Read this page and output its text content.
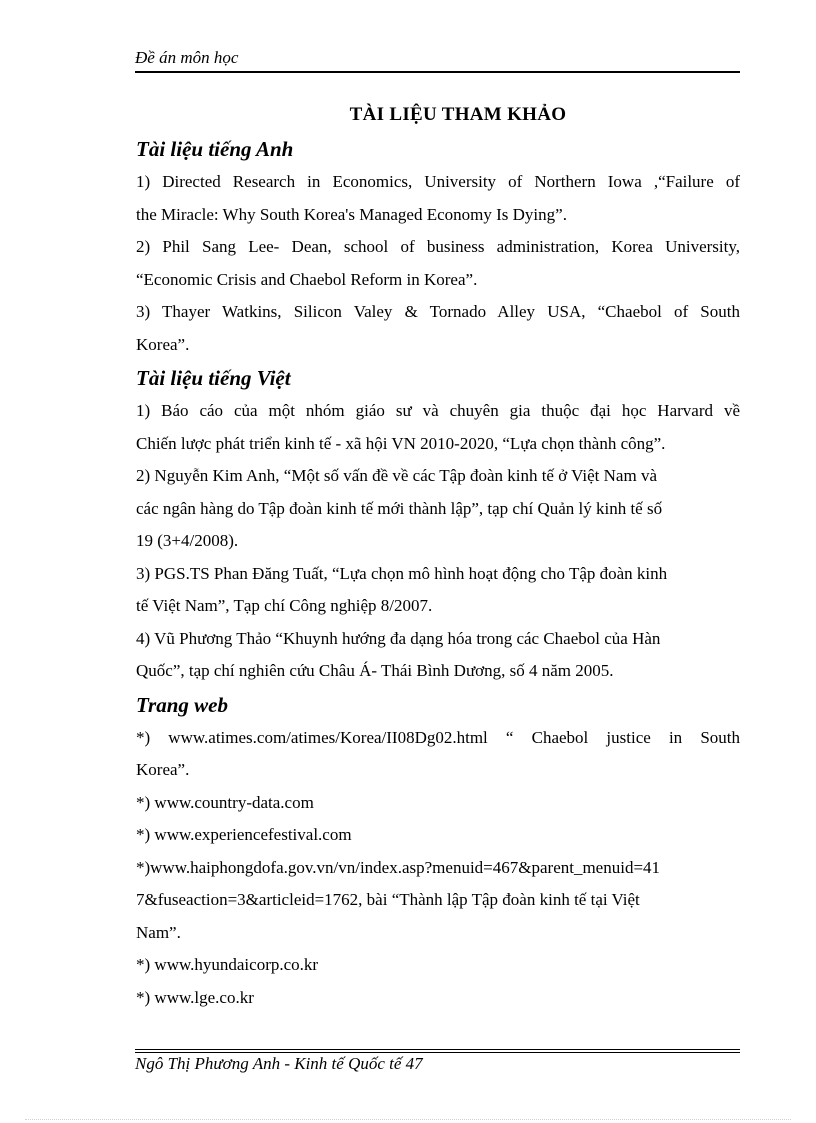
Đề án môn học
TÀI LIỆU THAM KHẢO
Tài liệu tiếng Anh
1) Directed Research in Economics, University of Northern Iowa ,“Failure of
the Miracle: Why South Korea's Managed Economy Is Dying”.
2) Phil Sang Lee- Dean, school of business administration, Korea University,
“Economic Crisis and Chaebol Reform in Korea”.
3) Thayer Watkins, Silicon Valey & Tornado Alley USA, “Chaebol of South
Korea”.
Tài liệu tiếng Việt
1) Báo cáo của một nhóm giáo sư và chuyên gia thuộc đại học Harvard về
Chiến lược phát triển kinh tế - xã hội VN 2010-2020, “Lựa chọn thành công”.
2) Nguyễn Kim Anh, “Một số vấn đề về các Tập đoàn kinh tế ở Việt Nam và
các ngân hàng do Tập đoàn kinh tế mới thành lập”, tạp chí Quản lý kinh tế số
19 (3+4/2008).
3) PGS.TS Phan Đăng Tuất, “Lựa chọn mô hình hoạt động cho Tập đoàn kinh
tế Việt Nam”, Tạp chí Công nghiệp 8/2007.
4) Vũ Phương Thảo “Khuynh hướng đa dạng hóa trong các Chaebol của Hàn
Quốc”, tạp chí nghiên cứu Châu Á- Thái Bình Dương, số 4 năm 2005.
Trang web
*) www.atimes.com/atimes/Korea/II08Dg02.html “ Chaebol justice in South
Korea”.
*) www.country-data.com
*) www.experiencefestival.com
*)www.haiphongdofa.gov.vn/vn/index.asp?menuid=467&parent_menuid=41
7&fuseaction=3&articleid=1762, bài “Thành lập Tập đoàn kinh tế tại Việt
Nam”.
*) www.hyundaicorp.co.kr
*) www.lge.co.kr
Ngô Thị Phương Anh - Kinh tế Quốc tế 47
